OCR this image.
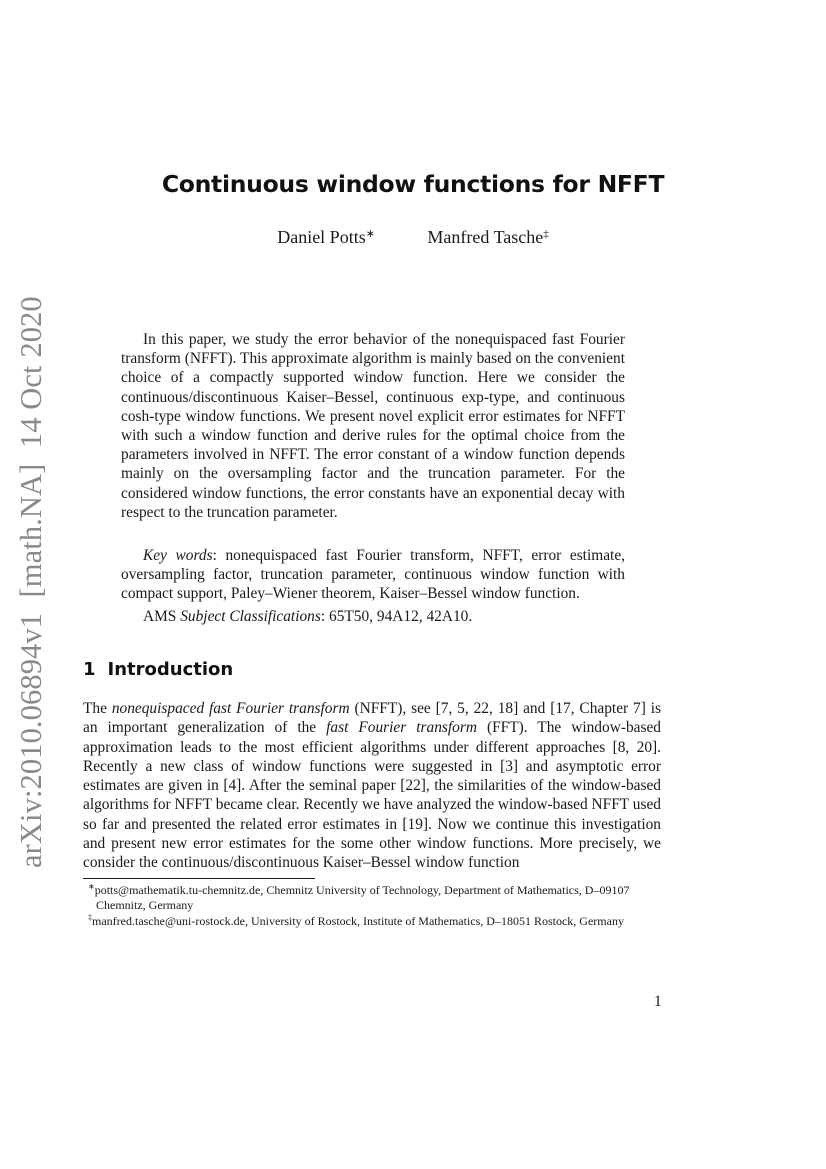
arXiv:2010.06894v1  [math.NA]  14 Oct 2020
Continuous window functions for NFFT
Daniel Potts∗	Manfred Tasche‡

In this paper, we study the error behavior of the nonequispaced fast Fourier transform (NFFT). This approximate algorithm is mainly based on the convenient choice of a compactly supported window function. Here we consider the continuous/discontinuous Kaiser–Bessel, continuous exp-type, and continuous cosh-type window functions. We present novel explicit error estimates for NFFT with such a window function and derive rules for the optimal choice from the parameters involved in NFFT. The error constant of a window function depends mainly on the oversampling factor and the truncation parameter. For the considered window functions, the error constants have an exponential decay with respect to the truncation parameter.

Key words: nonequispaced fast Fourier transform, NFFT, error estimate, oversampling factor, truncation parameter, continuous window function with compact support, Paley–Wiener theorem, Kaiser–Bessel window function.

AMS Subject Classifications: 65T50, 94A12, 42A10.

1 Introduction

The nonequispaced fast Fourier transform (NFFT), see [7, 5, 22, 18] and [17, Chapter 7] is an important generalization of the fast Fourier transform (FFT). The window-based approximation leads to the most efficient algorithms under different approaches [8, 20]. Recently a new class of window functions were suggested in [3] and asymptotic error estimates are given in [4]. After the seminal paper [22], the similarities of the window-based algorithms for NFFT became clear. Recently we have analyzed the window-based NFFT used so far and presented the related error estimates in [19]. Now we continue this investigation and present new error estimates for the some other window functions. More precisely, we consider the continuous/discontinuous Kaiser–Bessel window function

∗potts@mathematik.tu-chemnitz.de, Chemnitz University of Technology, Department of Mathematics, D–09107 Chemnitz, Germany
‡manfred.tasche@uni-rostock.de, University of Rostock, Institute of Mathematics, D–18051 Rostock, Germany
1
